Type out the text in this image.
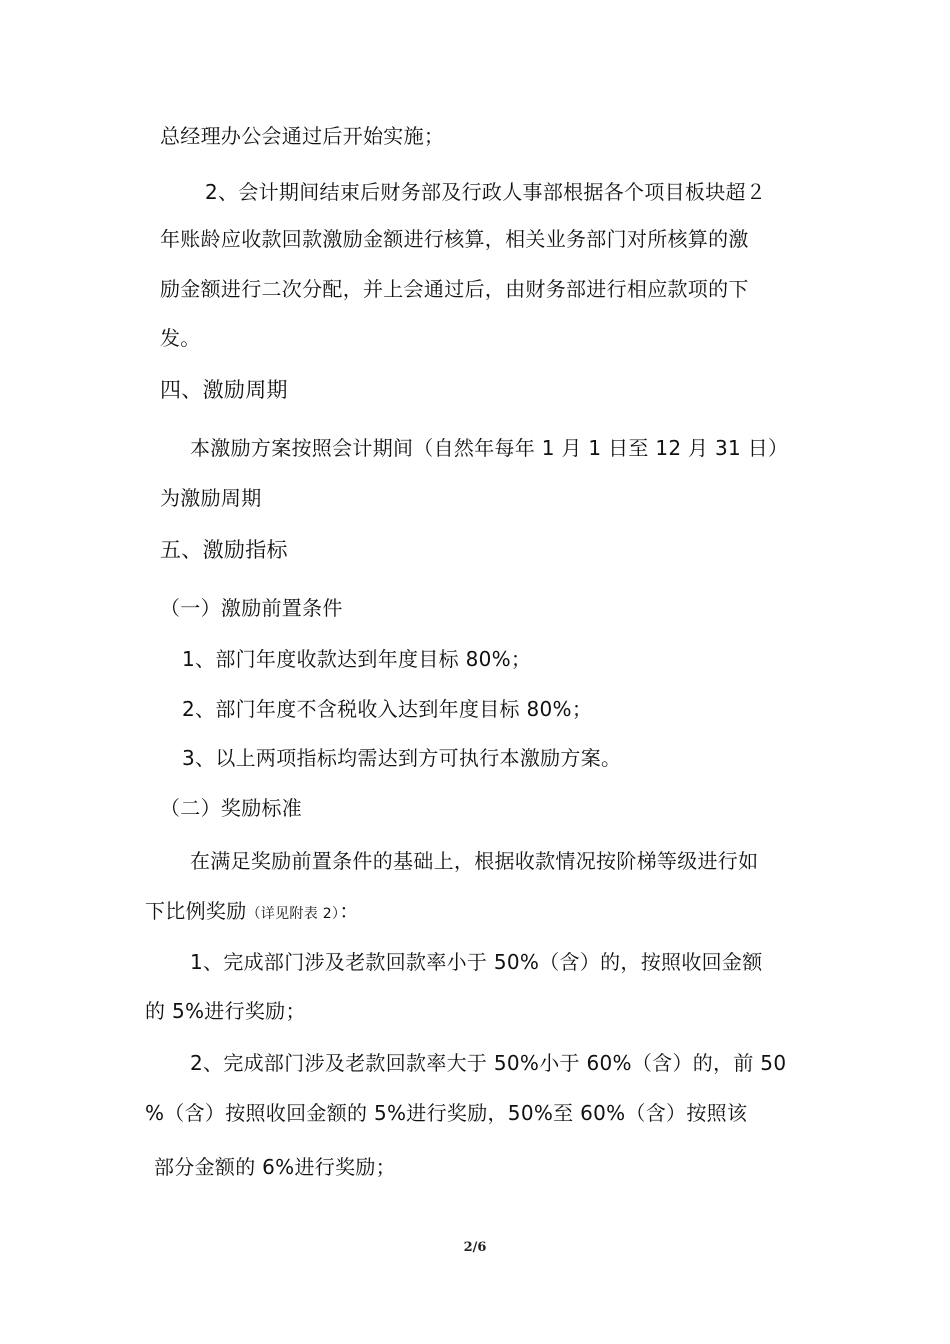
总经理办公会通过后开始实施；
2、会计期间结束后财务部及行政人事部根据各个项目板块超２
年账龄应收款回款激励金额进行核算，相关业务部门对所核算的激
励金额进行二次分配，并上会通过后，由财务部进行相应款项的下
发。
四、激励周期
本激励方案按照会计期间（自然年每年 1 月 1 日至 12 月 31 日）
为激励周期
五、激励指标
（一）激励前置条件
1、部门年度收款达到年度目标 80%；
2、部门年度不含税收入达到年度目标 80%；
3、以上两项指标均需达到方可执行本激励方案。
（二）奖励标准
在满足奖励前置条件的基础上，根据收款情况按阶梯等级进行如
下比例奖励（详见附表 2）：
1、完成部门涉及老款回款率小于 50%（含）的，按照收回金额
的 5%进行奖励；
2、完成部门涉及老款回款率大于 50%小于 60%（含）的，前 50
%（含）按照收回金额的 5%进行奖励，50%至 60%（含）按照该
部分金额的 6%进行奖励；
2/6
